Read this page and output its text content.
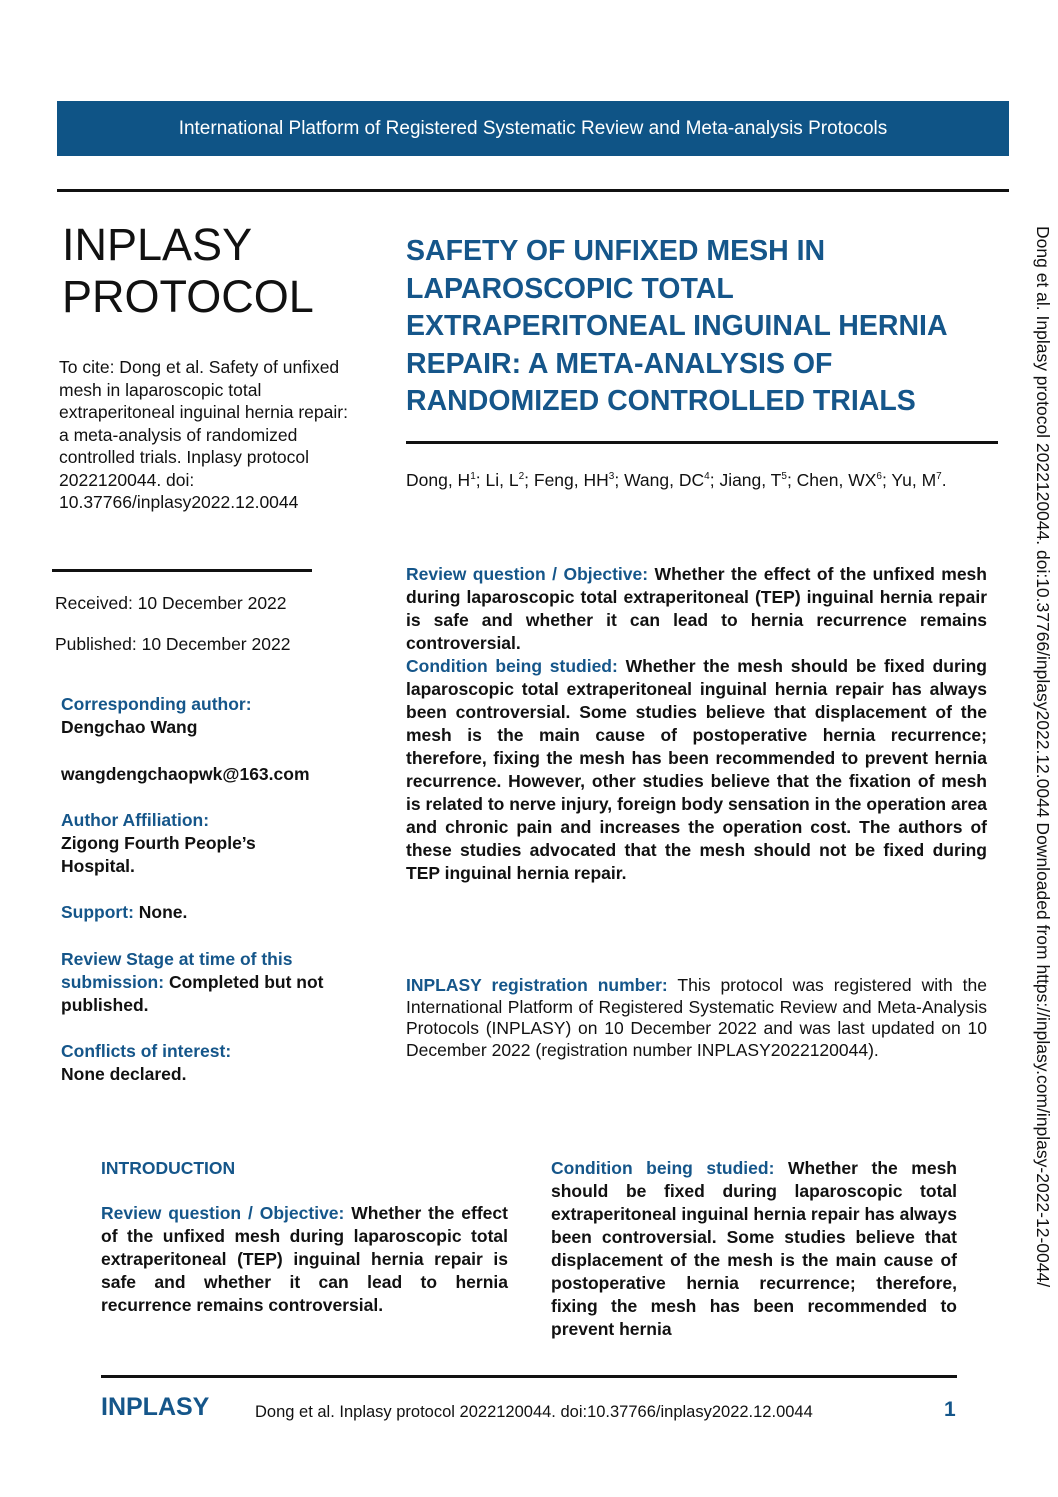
International Platform of Registered Systematic Review and Meta-analysis Protocols
INPLASY
PROTOCOL
To cite: Dong et al. Safety of unfixed mesh in laparoscopic total extraperitoneal inguinal hernia repair: a meta-analysis of randomized controlled trials. Inplasy protocol 2022120044. doi: 10.37766/inplasy2022.12.0044
Received: 10 December 2022
Published: 10 December 2022
Corresponding author:
Dengchao Wang
wangdengchaopwk@163.com
Author Affiliation:
Zigong Fourth People’s Hospital.
Support: None.
Review Stage at time of this submission: Completed but not published.
Conflicts of interest:
None declared.
SAFETY OF UNFIXED MESH IN LAPAROSCOPIC TOTAL EXTRAPERITONEAL INGUINAL HERNIA REPAIR: A META-ANALYSIS OF RANDOMIZED CONTROLLED TRIALS
Dong, $H^1$; Li, $L^2$; Feng, $HH^3$; Wang, $DC^4$; Jiang, $T^5$; Chen, $WX^6$; Yu, $M^7$.

Review question / Objective: Whether the effect of the unfixed mesh during laparoscopic total extraperitoneal (TEP) inguinal hernia repair is safe and whether it can lead to hernia recurrence remains controversial.

Condition being studied: Whether the mesh should be fixed during laparoscopic total extraperitoneal inguinal hernia repair has always been controversial. Some studies believe that displacement of the mesh is the main cause of postoperative hernia recurrence; therefore, fixing the mesh has been recommended to prevent hernia recurrence. However, other studies believe that the fixation of mesh is related to nerve injury, foreign body sensation in the operation area and chronic pain and increases the operation cost. The authors of these studies advocated that the mesh should not be fixed during TEP inguinal hernia repair.

INPLASY registration number: This protocol was registered with the International Platform of Registered Systematic Review and Meta-Analysis Protocols (INPLASY) on 10 December 2022 and was last updated on 10 December 2022 (registration number INPLASY2022120044).
INTRODUCTION
Review question / Objective: Whether the effect of the unfixed mesh during laparoscopic total extraperitoneal (TEP) inguinal hernia repair is safe and whether it can lead to hernia recurrence remains controversial.
Condition being studied: Whether the mesh should be fixed during laparoscopic total extraperitoneal inguinal hernia repair has always been controversial. Some studies believe that displacement of the mesh is the main cause of postoperative hernia recurrence; therefore, fixing the mesh has been recommended to prevent hernia
Dong et al. Inplasy protocol 2022120044. doi:10.37766/inplasy2022.12.0044 Downloaded from https://inplasy.com/inplasy-2022-12-0044/
INPLASY	Dong et al. Inplasy protocol 2022120044. doi:10.37766/inplasy2022.12.0044	1
